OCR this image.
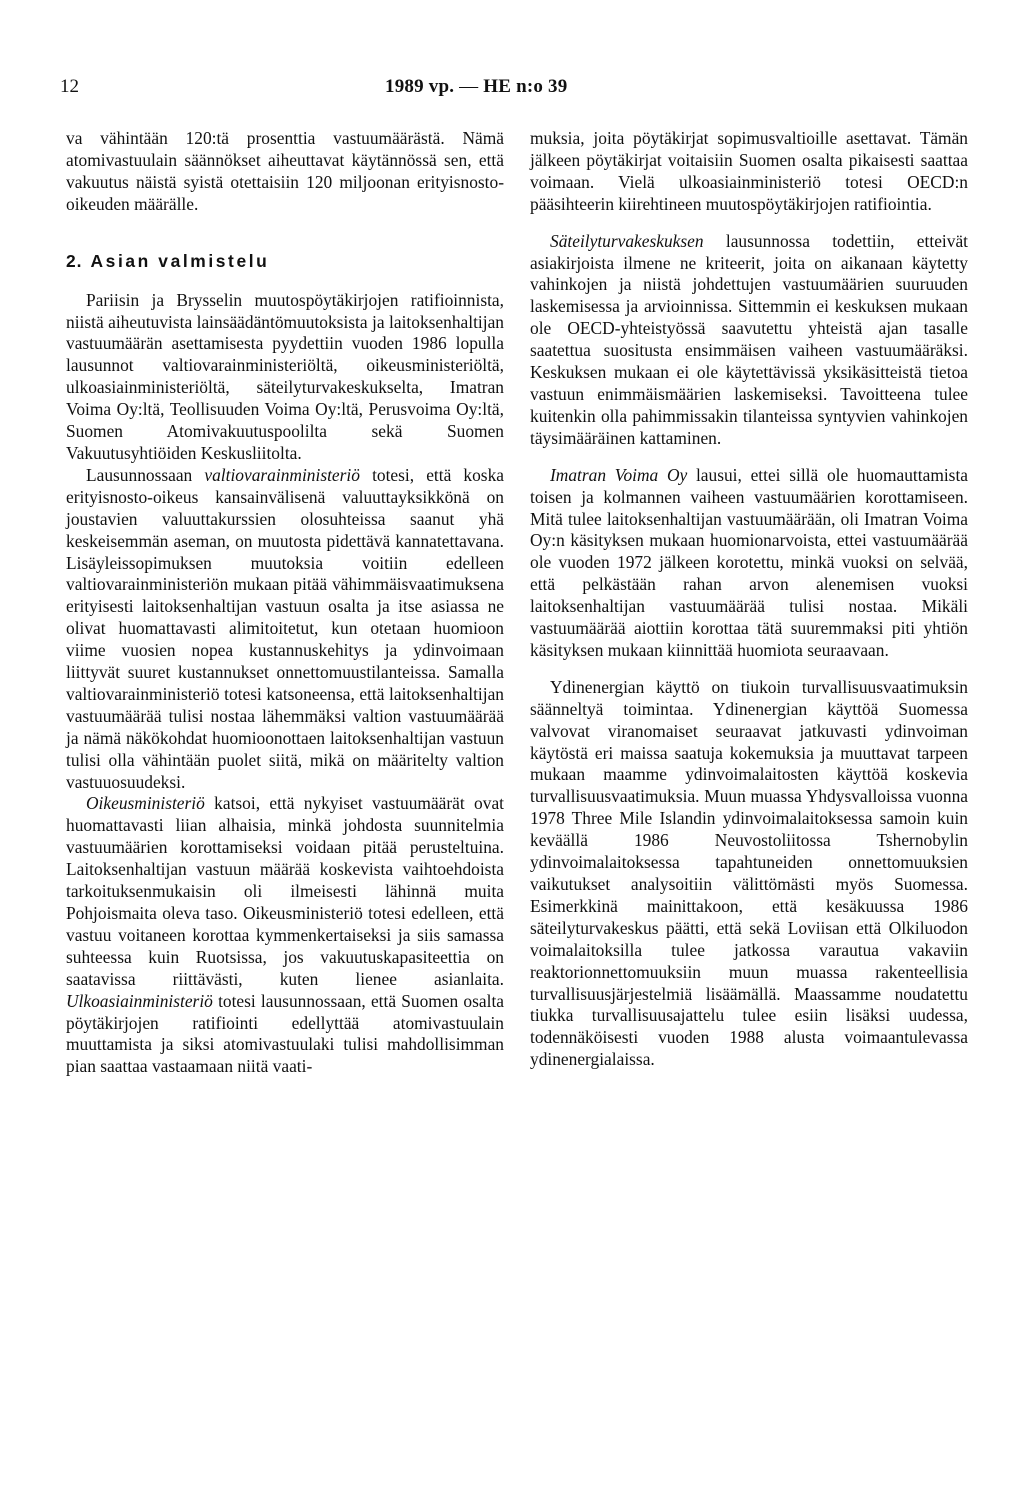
12	1989 vp. — HE n:o 39

va vähintään 120:tä prosenttia vastuumäärästä. Nämä atomivastuulain säännökset aiheuttavat käytännössä sen, että vakuutus näistä syistä otettaisiin 120 miljoonan erityisnosto-oikeuden määrälle.

2. Asian valmistelu

Pariisin ja Brysselin muutospöytäkirjojen ratifioinnista, niistä aiheutuvista lainsäädäntömuutoksista ja laitoksenhaltijan vastuumäärän asettamisesta pyydettiin vuoden 1986 lopulla lausunnot valtiovarainministeriöltä, oikeusministeriöltä, ulkoasiainministeriöltä, säteilyturvakeskukselta, Imatran Voima Oy:ltä, Teollisuuden Voima Oy:ltä, Perusvoima Oy:ltä, Suomen Atomivakuutuspoolilta sekä Suomen Vakuutusyhtiöiden Keskusliitolta.

Lausunnossaan valtiovarainministeriö totesi, että koska erityisnosto-oikeus kansainvälisenä valuuttayksikkönä on joustavien valuuttakurssien olosuhteissa saanut yhä keskeisemmän aseman, on muutosta pidettävä kannatettavana. Lisäyleissopimuksen muutoksia voitiin edelleen valtiovarainministeriön mukaan pitää vähimmäisvaatimuksena erityisesti laitoksenhaltijan vastuun osalta ja itse asiassa ne olivat huomattavasti alimitoitetut, kun otetaan huomioon viime vuosien nopea kustannuskehitys ja ydinvoimaan liittyvät suuret kustannukset onnettomuustilanteissa. Samalla valtiovarainministeriö totesi katsoneensa, että laitoksenhaltijan vastuumäärää tulisi nostaa lähemmäksi valtion vastuumäärää ja nämä näkökohdat huomioonottaen laitoksenhaltijan vastuun tulisi olla vähintään puolet siitä, mikä on määritelty valtion vastuuosuudeksi.

Oikeusministeriö katsoi, että nykyiset vastuumäärät ovat huomattavasti liian alhaisia, minkä johdosta suunnitelmia vastuumäärien korottamiseksi voidaan pitää perusteltuina. Laitoksenhaltijan vastuun määrää koskevista vaihtoehdoista tarkoituksenmukaisin oli ilmeisesti lähinnä muita Pohjoismaita oleva taso. Oikeusministeriö totesi edelleen, että vastuu voitaneen korottaa kymmenkertaiseksi ja siis samassa suhteessa kuin Ruotsissa, jos vakuutuskapasiteettia on saatavissa riittävästi, kuten lienee asianlaita. Ulkoasiainministeriö totesi lausunnossaan, että Suomen osalta pöytäkirjojen ratifiointi edellyttää atomivastuulain muuttamista ja siksi atomivastuulaki tulisi mahdollisimman pian saattaa vastaamaan niitä vaati-

muksia, joita pöytäkirjat sopimusvaltioille asettavat. Tämän jälkeen pöytäkirjat voitaisiin Suomen osalta pikaisesti saattaa voimaan. Vielä ulkoasiainministeriö totesi OECD:n pääsihteerin kiirehtineen muutospöytäkirjojen ratifiointia.

Säteilyturvakeskuksen lausunnossa todettiin, etteivät asiakirjoista ilmene ne kriteerit, joita on aikanaan käytetty vahinkojen ja niistä johdettujen vastuumäärien suuruuden laskemisessa ja arvioinnissa. Sittemmin ei keskuksen mukaan ole OECD-yhteistyössä saavutettu yhteistä ajan tasalle saatettua suositusta ensimmäisen vaiheen vastuumääräksi. Keskuksen mukaan ei ole käytettävissä yksikäsitteistä tietoa vastuun enimmäismäärien laskemiseksi. Tavoitteena tulee kuitenkin olla pahimmissakin tilanteissa syntyvien vahinkojen täysimääräinen kattaminen.

Imatran Voima Oy lausui, ettei sillä ole huomauttamista toisen ja kolmannen vaiheen vastuumäärien korottamiseen. Mitä tulee laitoksenhaltijan vastuumäärään, oli Imatran Voima Oy:n käsityksen mukaan huomionarvoista, ettei vastuumäärää ole vuoden 1972 jälkeen korotettu, minkä vuoksi on selvää, että pelkästään rahan arvon alenemisen vuoksi laitoksenhaltijan vastuumäärää tulisi nostaa. Mikäli vastuumäärää aiottiin korottaa tätä suuremmaksi piti yhtiön käsityksen mukaan kiinnittää huomiota seuraavaan.

Ydinenergian käyttö on tiukoin turvallisuusvaatimuksin säänneltyä toimintaa. Ydinenergian käyttöä Suomessa valvovat viranomaiset seuraavat jatkuvasti ydinvoiman käytöstä eri maissa saatuja kokemuksia ja muuttavat tarpeen mukaan maamme ydinvoimalaitosten käyttöä koskevia turvallisuusvaatimuksia. Muun muassa Yhdysvalloissa vuonna 1978 Three Mile Islandin ydinvoimalaitoksessa samoin kuin keväällä 1986 Neuvostoliitossa Tshernobylin ydinvoimalaitoksessa tapahtuneiden onnettomuuksien vaikutukset analysoitiin välittömästi myös Suomessa. Esimerkkinä mainittakoon, että kesäkuussa 1986 säteilyturvakeskus päätti, että sekä Loviisan että Olkiluodon voimalaitoksilla tulee jatkossa varautua vakaviin reaktorionnettomuuksiin muun muassa rakenteellisia turvallisuusjärjestelmiä lisäämällä. Maassamme noudatettu tiukka turvallisuusajattelu tulee esiin lisäksi uudessa, todennäköisesti vuoden 1988 alusta voimaantulevassa ydinenergialaissa.
